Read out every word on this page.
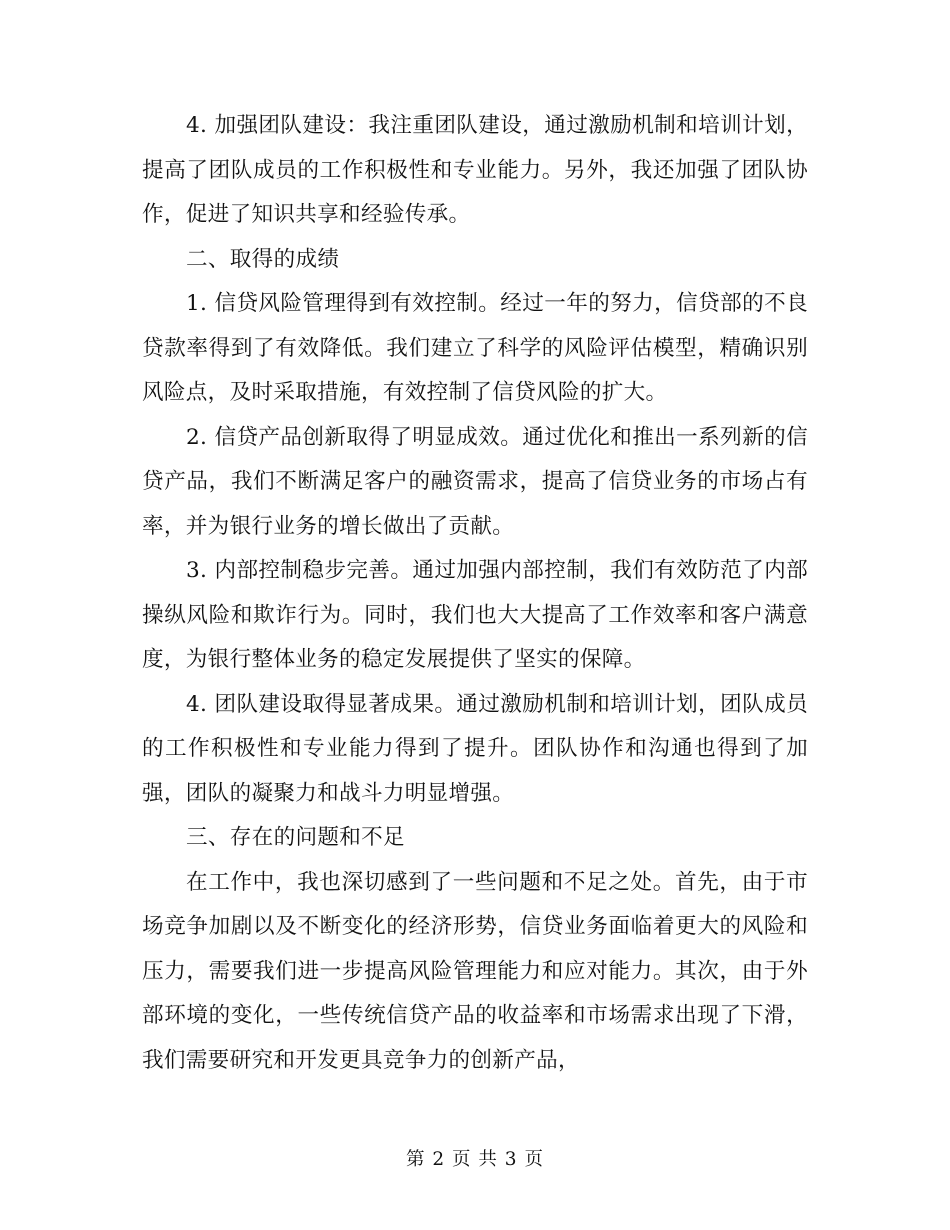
4. 加强团队建设：我注重团队建设，通过激励机制和培训计划，提高了团队成员的工作积极性和专业能力。另外，我还加强了团队协作，促进了知识共享和经验传承。

二、取得的成绩

1. 信贷风险管理得到有效控制。经过一年的努力，信贷部的不良贷款率得到了有效降低。我们建立了科学的风险评估模型，精确识别风险点，及时采取措施，有效控制了信贷风险的扩大。

2. 信贷产品创新取得了明显成效。通过优化和推出一系列新的信贷产品，我们不断满足客户的融资需求，提高了信贷业务的市场占有率，并为银行业务的增长做出了贡献。

3. 内部控制稳步完善。通过加强内部控制，我们有效防范了内部操纵风险和欺诈行为。同时，我们也大大提高了工作效率和客户满意度，为银行整体业务的稳定发展提供了坚实的保障。

4. 团队建设取得显著成果。通过激励机制和培训计划，团队成员的工作积极性和专业能力得到了提升。团队协作和沟通也得到了加强，团队的凝聚力和战斗力明显增强。

三、存在的问题和不足

在工作中，我也深切感到了一些问题和不足之处。首先，由于市场竞争加剧以及不断变化的经济形势，信贷业务面临着更大的风险和压力，需要我们进一步提高风险管理能力和应对能力。其次，由于外部环境的变化，一些传统信贷产品的收益率和市场需求出现了下滑，我们需要研究和开发更具竞争力的创新产品，

第 2 页 共 3 页
